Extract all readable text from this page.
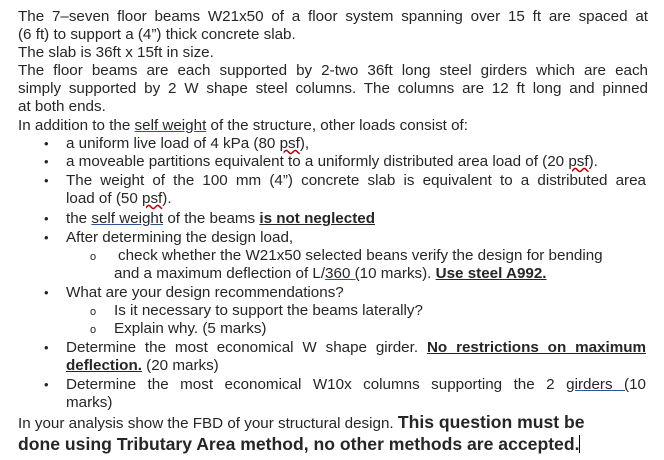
The 7–seven floor beams W21x50 of a floor system spanning over 15 ft are spaced at
(6 ft) to support a (4”) thick concrete slab.
The slab is 36ft x 15ft in size.
The floor beams are each supported by 2-two 36ft long steel girders which are each
simply supported by 2 W shape steel columns. The columns are 12 ft long and pinned
at both ends.
In addition to the self weight of the structure, other loads consist of:
•	a uniform live load of 4 kPa (80 psf),
•	a moveable partitions equivalent to a uniformly distributed area load of (20 psf).
•	The weight of the 100 mm (4”) concrete slab is equivalent to a distributed area
load of (50 psf).
•	the self weight of the beams is not neglected
•	After determining the design load,
o check whether the W21x50 selected beans verify the design for bending
and a maximum deflection of L/360 (10 marks). Use steel A992.
•	What are your design recommendations?
o Is it necessary to support the beams laterally?
o Explain why. (5 marks)
•	Determine the most economical W shape girder. No restrictions on maximum
deflection. (20 marks)
•	Determine the most economical W10x columns supporting the 2 girders (10
marks)
In your analysis show the FBD of your structural design. This question must be
done using Tributary Area method, no other methods are accepted.
